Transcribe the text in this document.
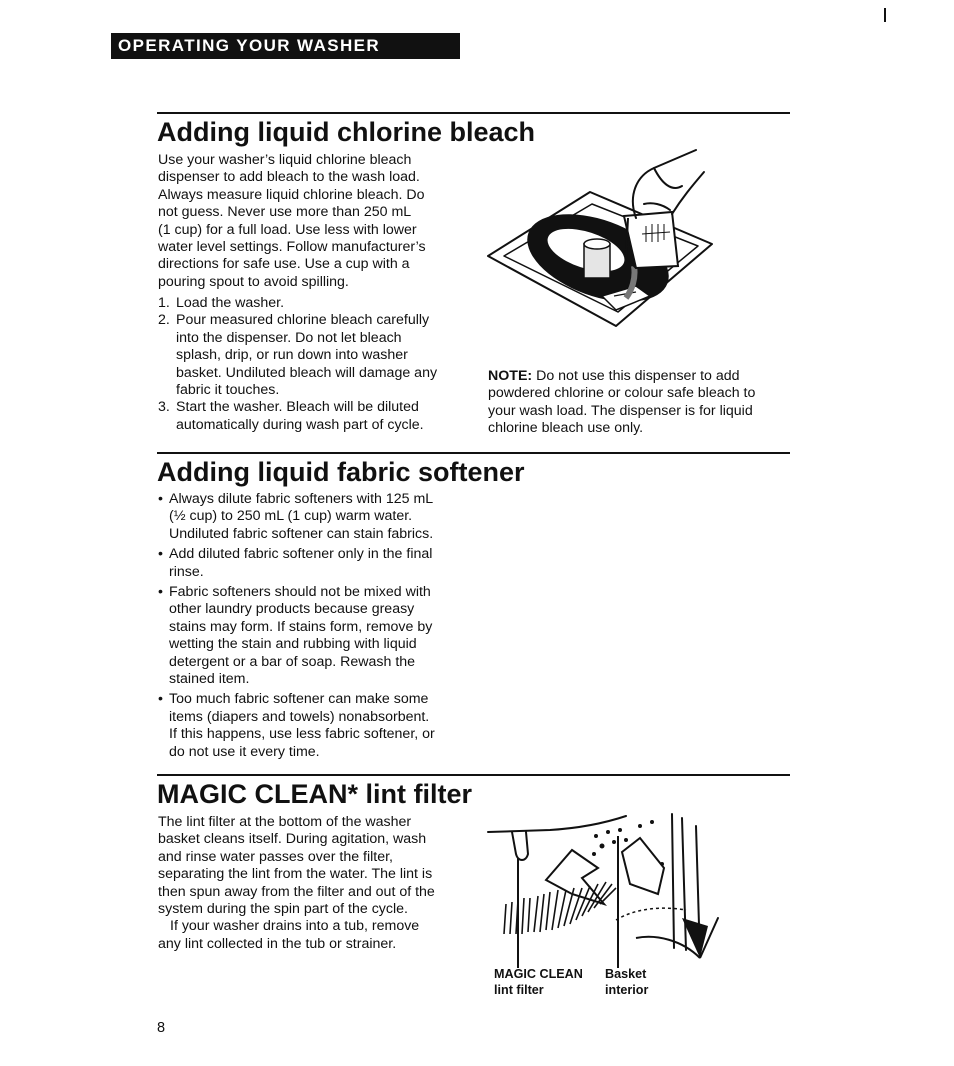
OPERATING YOUR WASHER
Adding liquid chlorine bleach

Use your washer’s liquid chlorine bleach

dispenser to add bleach to the wash load.

Always measure liquid chlorine bleach. Do

not guess. Never use more than 250 mL

(1 cup) for a full load. Use less with lower

water level settings. Follow manufacturer’s

directions for safe use. Use a cup with a

pouring spout to avoid spilling.

1. Load the washer.

2. Pour measured chlorine bleach carefully

into the dispenser. Do not let bleach

splash, drip, or run down into washer

basket. Undiluted bleach will damage any

fabric it touches.

3. Start the washer. Bleach will be diluted

automatically during wash part of cycle.

NOTE: Do not use this dispenser to add

powdered chlorine or colour safe bleach to

your wash load. The dispenser is for liquid

chlorine bleach use only.

Adding liquid fabric softener
• Always dilute fabric softeners with 125 mL

(½ cup) to 250 mL (1 cup) warm water.

Undiluted fabric softener can stain fabrics.

• Add diluted fabric softener only in the final

rinse.

• Fabric softeners should not be mixed with

other laundry products because greasy

stains may form. If stains form, remove by

wetting the stain and rubbing with liquid

detergent or a bar of soap. Rewash the

stained item.

• Too much fabric softener can make some

items (diapers and towels) nonabsorbent.

If this happens, use less fabric softener, or

do not use it every time.

MAGIC CLEAN* lint filter

The lint filter at the bottom of the washer

basket cleans itself. During agitation, wash

and rinse water passes over the filter,

separating the lint from the water. The lint is

then spun away from the filter and out of the

system during the spin part of the cycle.

If your washer drains into a tub, remove

any lint collected in the tub or strainer.

MAGIC CLEAN
lint filter
Basket
interior
8
